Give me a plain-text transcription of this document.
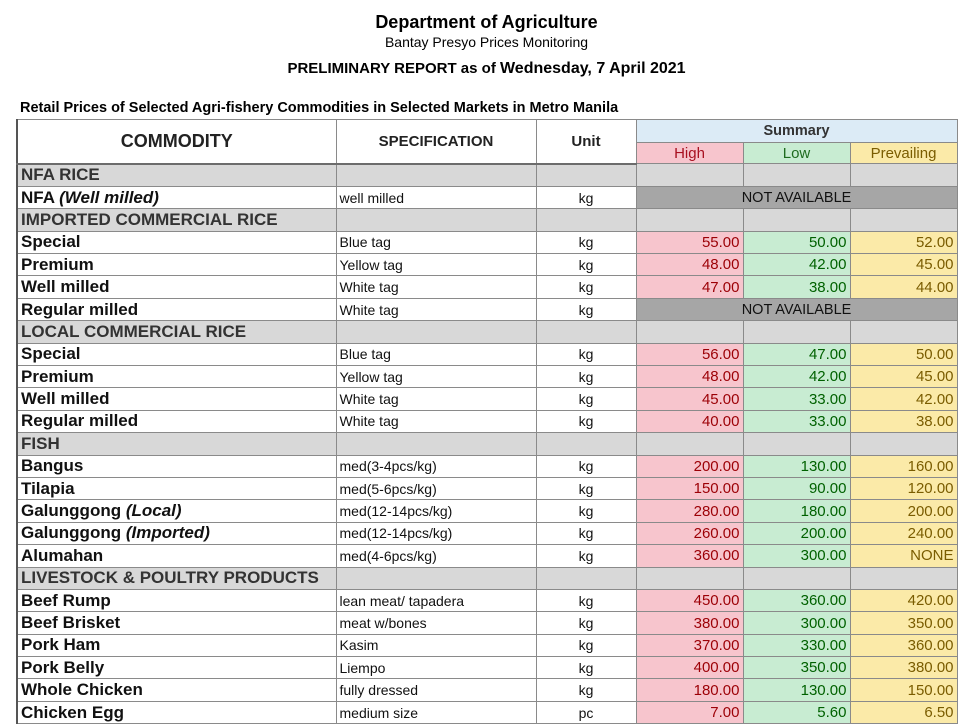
Department of Agriculture
Bantay Presyo Prices Monitoring
PRELIMINARY REPORT as of Wednesday, 7 April 2021
Retail Prices of Selected Agri-fishery Commodities in Selected Markets in Metro Manila
COMMODITY	SPECIFICATION	Unit	Summary		
			High	Low	Prevailing
NFA RICE					
NFA (Well milled)	well milled	kg	NOT AVAILABLE		
IMPORTED COMMERCIAL RICE					
Special	Blue tag	kg	55.00	50.00	52.00
Premium	Yellow tag	kg	48.00	42.00	45.00
Well milled	White tag	kg	47.00	38.00	44.00
Regular milled	White tag	kg	NOT AVAILABLE		
LOCAL COMMERCIAL RICE					
Special	Blue tag	kg	56.00	47.00	50.00
Premium	Yellow tag	kg	48.00	42.00	45.00
Well milled	White tag	kg	45.00	33.00	42.00
Regular milled	White tag	kg	40.00	33.00	38.00
FISH					
Bangus	med(3-4pcs/kg)	kg	200.00	130.00	160.00
Tilapia	med(5-6pcs/kg)	kg	150.00	90.00	120.00
Galunggong (Local)	med(12-14pcs/kg)	kg	280.00	180.00	200.00
Galunggong (Imported)	med(12-14pcs/kg)	kg	260.00	200.00	240.00
Alumahan	med(4-6pcs/kg)	kg	360.00	300.00	NONE
LIVESTOCK & POULTRY PRODUCTS					
Beef Rump	lean meat/ tapadera	kg	450.00	360.00	420.00
Beef Brisket	meat w/bones	kg	380.00	300.00	350.00
Pork Ham	Kasim	kg	370.00	330.00	360.00
Pork Belly	Liempo	kg	400.00	350.00	380.00
Whole Chicken	fully dressed	kg	180.00	130.00	150.00
Chicken Egg	medium size	pc	7.00	5.60	6.50
